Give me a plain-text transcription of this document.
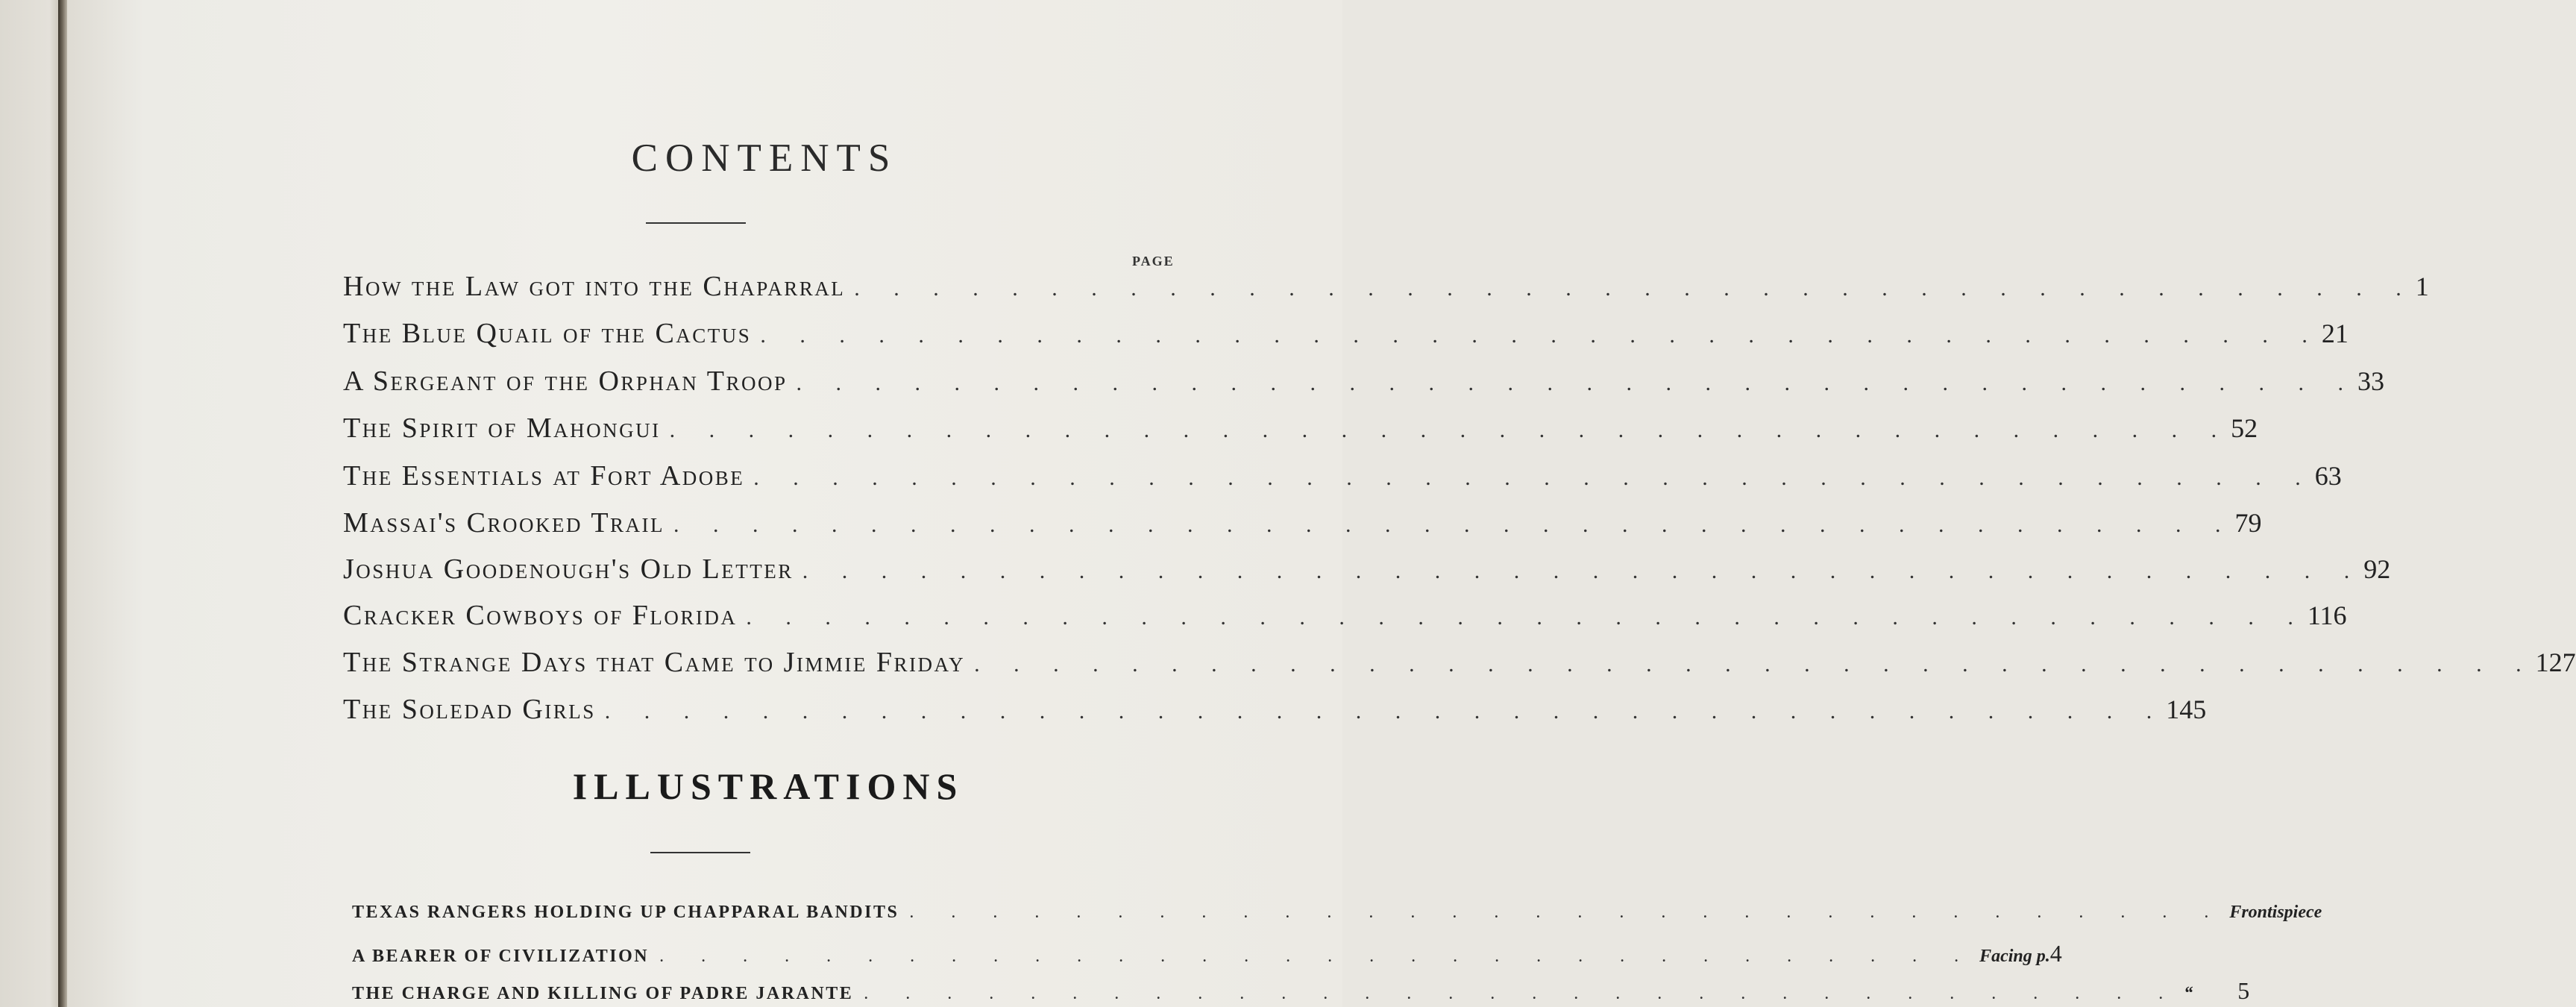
CONTENTS
PAGE
How the Law got into the Chaparral . . . . . . . . . . . . . . . . . . . . . . . . . . . . . . . . . . . . . . . . 1
The Blue Quail of the Cactus . . . . . . . . . . . . . . . . . . . . . . . . . . . . . . . . . . . . . . . . 21
A Sergeant of the Orphan Troop . . . . . . . . . . . . . . . . . . . . . . . . . . . . . . . . . . . . . . . . 33
The Spirit of Mahongui . . . . . . . . . . . . . . . . . . . . . . . . . . . . . . . . . . . . . . . . 52
The Essentials at Fort Adobe . . . . . . . . . . . . . . . . . . . . . . . . . . . . . . . . . . . . . . . . 63
Massai's Crooked Trail . . . . . . . . . . . . . . . . . . . . . . . . . . . . . . . . . . . . . . . . 79
Joshua Goodenough's Old Letter . . . . . . . . . . . . . . . . . . . . . . . . . . . . . . . . . . . . . . . . 92
Cracker Cowboys of Florida . . . . . . . . . . . . . . . . . . . . . . . . . . . . . . . . . . . . . . . . 116
The Strange Days that Came to Jimmie Friday . . . . . . . . . . . . . . . . . . . . . . . . . . . . . . . . . . . . . . . . 127
The Soledad Girls . . . . . . . . . . . . . . . . . . . . . . . . . . . . . . . . . . . . . . . . 145
ILLUSTRATIONS
TEXAS RANGERS HOLDING UP CHAPPARAL BANDITS . . . . . . . . . . . . . . . . . . . . . . . . . . . . . . . . Frontispiece
A BEARER OF CIVILIZATION . . . . . . . . . . . . . . . . . . . . . . . . . . . . . . . . Facing p. 4
THE CHARGE AND KILLING OF PADRE JARANTE . . . . . . . . . . . . . . . . . . . . . . . . . . . . . . . . “	5
